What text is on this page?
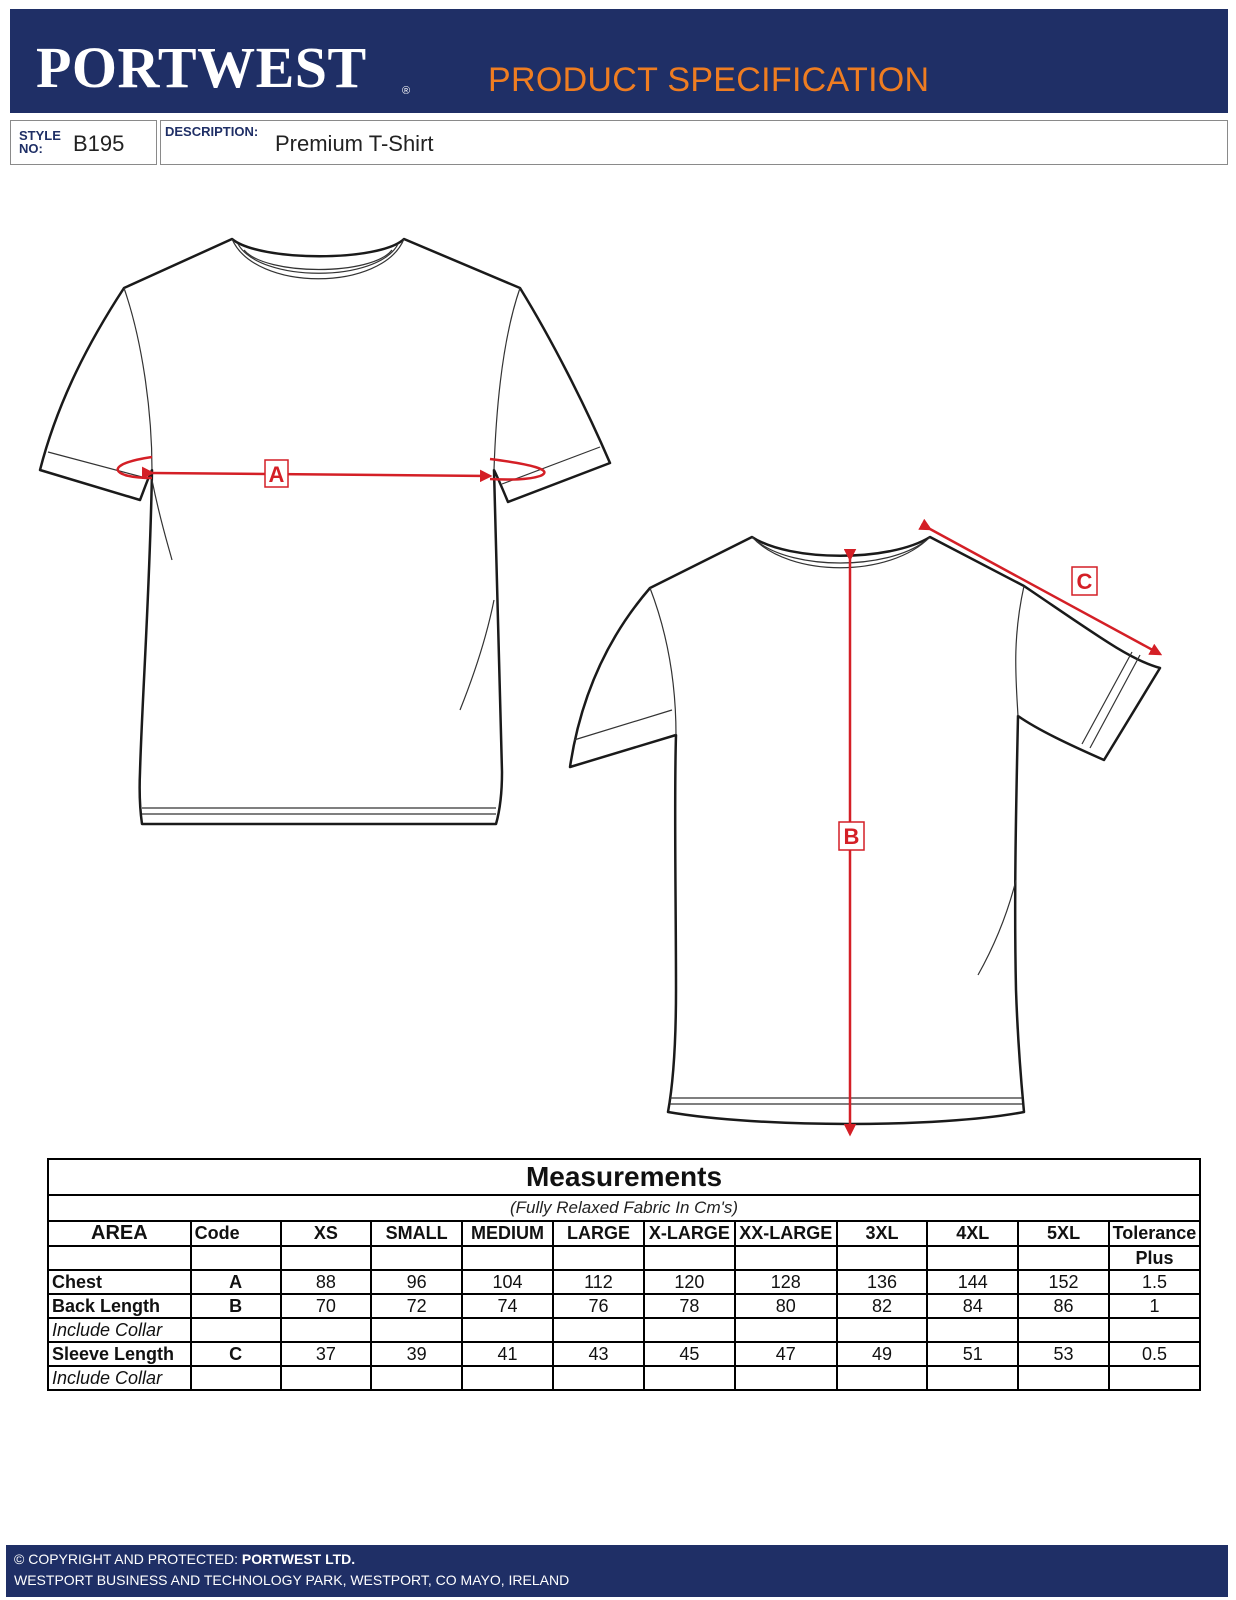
PORTWEST	® PRODUCT SPECIFICATION
STYLE NO:	B195	DESCRIPTION: Premium T-Shirt
A
B
C
Measurements											
(Fully Relaxed Fabric In Cm's)											
AREA	Code	XS	SMALL	MEDIUM	LARGE	X-LARGE	XX-LARGE	3XL	4XL	5XL	Tolerance
											Plus
Chest	A	88	96	104	112	120	128	136	144	152	1.5
Back Length	B	70	72	74	76	78	80	82	84	86	1
Include Collar											
Sleeve Length	C	37	39	41	43	45	47	49	51	53	0.5
Include Collar											
© COPYRIGHT AND PROTECTED: PORTWEST LTD.
WESTPORT BUSINESS AND TECHNOLOGY PARK, WESTPORT, CO MAYO, IRELAND
